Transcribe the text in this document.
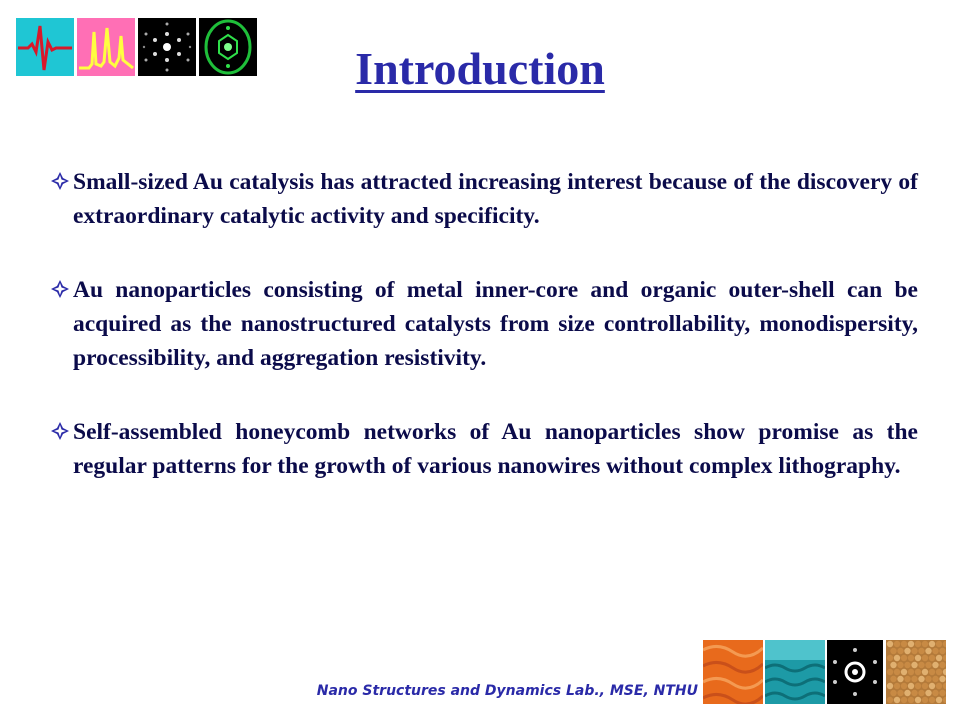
Introduction
Small-sized Au catalysis has attracted increasing interest because of the discovery of extraordinary catalytic activity and specificity.
Au nanoparticles consisting of metal inner-core and organic outer-shell can be acquired as the nanostructured catalysts from size controllability, monodispersity, processibility, and aggregation resistivity.
Self-assembled honeycomb networks of Au nanoparticles show promise as the regular patterns for the growth of various nanowires without complex lithography.
Nano Structures and Dynamics Lab., MSE, NTHU
